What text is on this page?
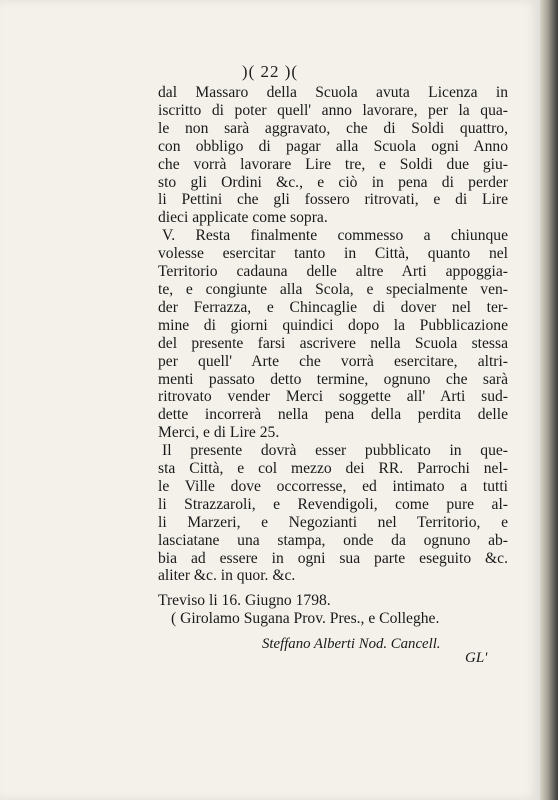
)( 22 )(
dal Massaro della Scuola avuta Licenza in
iscritto di poter quell' anno lavorare, per la qua-
le non sarà aggravato, che di Soldi quattro,
con obbligo di pagar alla Scuola ogni Anno
che vorrà lavorare Lire tre, e Soldi due giu-
sto gli Ordini &c., e ciò in pena di perder
li Pettini che gli fossero ritrovati, e di Lire
dieci applicate come sopra.
V. Resta finalmente commesso a chiunque
volesse esercitar tanto in Città, quanto nel
Territorio cadauna delle altre Arti appoggia-
te, e congiunte alla Scola, e specialmente ven-
der Ferrazza, e Chincaglie di dover nel ter-
mine di giorni quindici dopo la Pubblicazione
del presente farsi ascrivere nella Scuola stessa
per quell' Arte che vorrà esercitare, altri-
menti passato detto termine, ognuno che sarà
ritrovato vender Merci soggette all' Arti sud-
dette incorrerà nella pena della perdita delle
Merci, e di Lire 25.
Il presente dovrà esser pubblicato in que-
sta Città, e col mezzo dei RR. Parrochi nel-
le Ville dove occorresse, ed intimato a tutti
li Strazzaroli, e Revendigoli, come pure al-
li Marzeri, e Negozianti nel Territorio, e
lasciatane una stampa, onde da ognuno ab-
bia ad essere in ogni sua parte eseguito &c.
aliter &c. in quor. &c.
Treviso li 16. Giugno 1798.
( Girolamo Sugana Prov. Pres., e Colleghe.
Steffano Alberti Nod. Cancell.
GL'
